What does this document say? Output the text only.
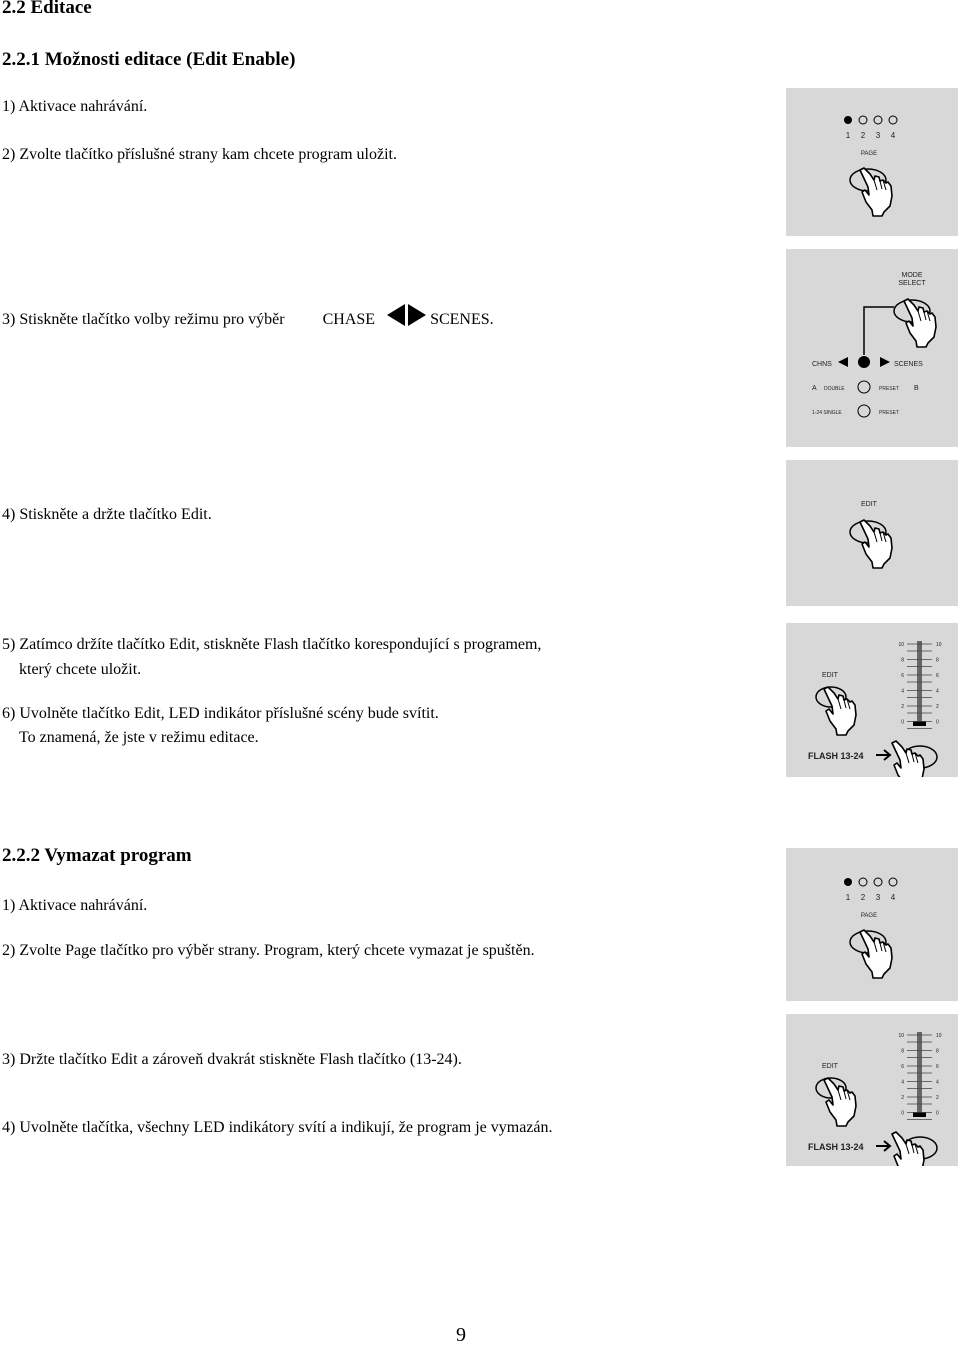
2.2 Editace
2.2.1 Možnosti editace (Edit Enable)
1) Aktivace nahrávání.
2) Zvolte tlačítko příslušné strany kam chcete program uložit.
3) Stiskněte tlačítko volby režimu pro výběr CHASE	SCENES.
4) Stiskněte a držte tlačítko Edit.
5) Zatímco držíte tlačítko Edit, stiskněte Flash tlačítko korespondující s programem,
který chcete uložit.
6) Uvolněte tlačítko Edit, LED indikátor příslušné scény bude svítit.
To znamená, že jste v režimu editace.
2.2.2 Vymazat program
1) Aktivace nahrávání.
2) Zvolte Page tlačítko pro výběr strany. Program, který chcete vymazat je spuštěn.
3) Držte tlačítko Edit a zároveň dvakrát stiskněte Flash tlačítko (13-24).
4) Uvolněte tlačítka, všechny LED indikátory svítí a indikují, že program je vymazán.
9
1 2 3 4
PAGE
MODE
SELECT
CHNS	SCENES
A DOUBLE	PRESET B
1-24 SINGLE	PRESET
EDIT
10	10
8	8
6	6
4	4
2	2
0	0
EDIT
FLASH 13-24
1 2 3 4
PAGE
10	10
8	8
6	6
4	4
2	2
0	0
EDIT
FLASH 13-24
